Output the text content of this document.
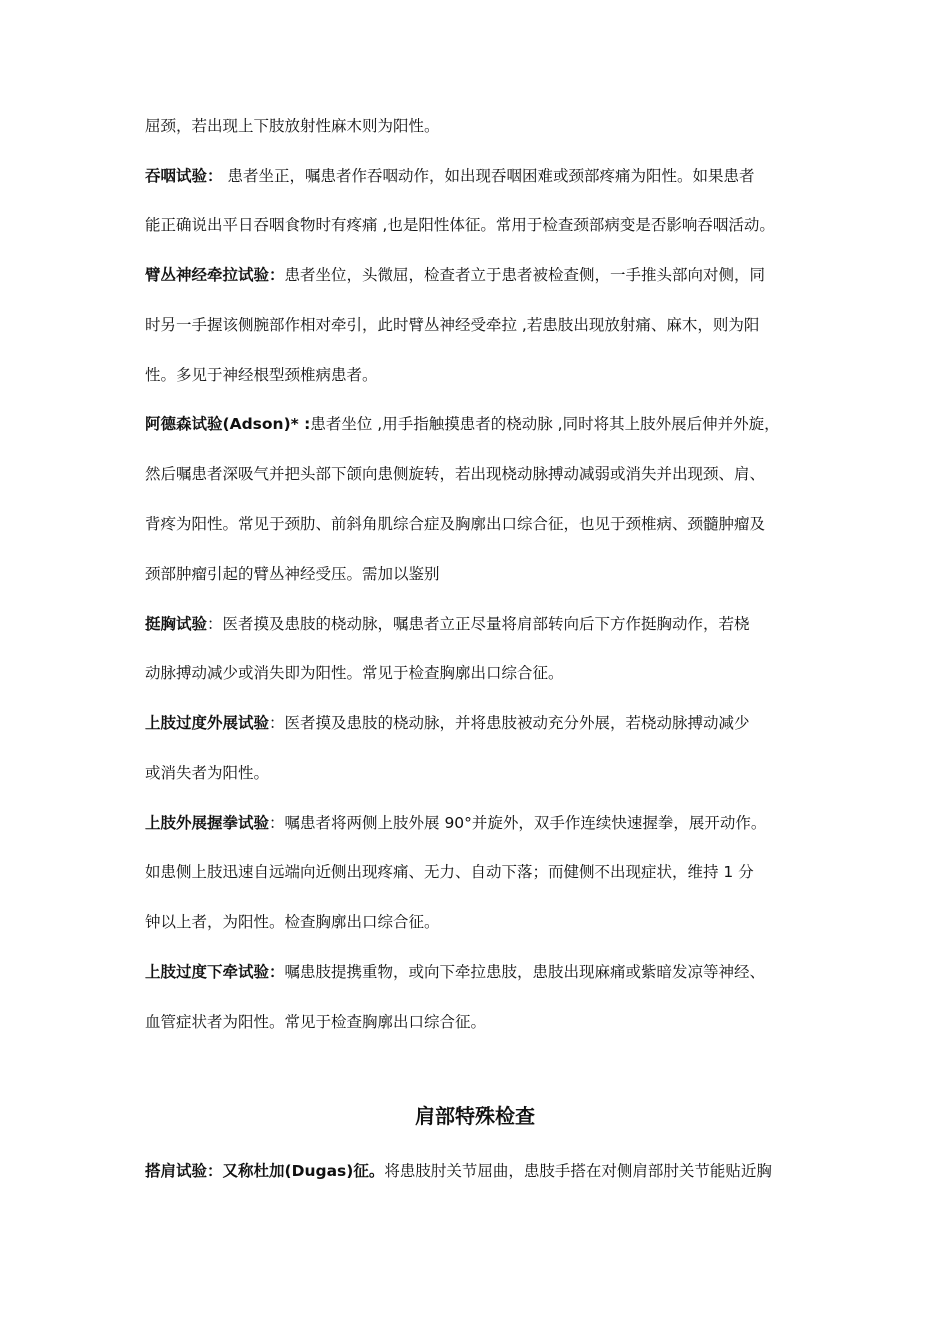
屈颈，若出现上下肢放射性麻木则为阳性。
吞咽试验： 患者坐正，嘱患者作吞咽动作，如出现吞咽困难或颈部疼痛为阳性。如果患者
能正确说出平日吞咽食物时有疼痛 ,也是阳性体征。常用于检查颈部病变是否影响吞咽活动。
臂丛神经牵拉试验：患者坐位，头微屈，检查者立于患者被检查侧，一手推头部向对侧，同
时另一手握该侧腕部作相对牵引，此时臂丛神经受牵拉 ,若患肢出现放射痛、麻木，则为阳
性。多见于神经根型颈椎病患者。
阿德森试验(Adson)* :患者坐位 ,用手指触摸患者的桡动脉 ,同时将其上肢外展后伸并外旋，
然后嘱患者深吸气并把头部下颌向患侧旋转，若出现桡动脉搏动减弱或消失并出现颈、肩、
背疼为阳性。常见于颈肋、前斜角肌综合症及胸廓出口综合征，也见于颈椎病、颈髓肿瘤及
颈部肿瘤引起的臂丛神经受压。需加以鉴别
挺胸试验：医者摸及患肢的桡动脉，嘱患者立正尽量将肩部转向后下方作挺胸动作，若桡
动脉搏动减少或消失即为阳性。常见于检查胸廓出口综合征。
上肢过度外展试验：医者摸及患肢的桡动脉，并将患肢被动充分外展，若桡动脉搏动减少
或消失者为阳性。
上肢外展握拳试验：嘱患者将两侧上肢外展 90°并旋外，双手作连续快速握拳，展开动作。
如患侧上肢迅速自远端向近侧出现疼痛、无力、自动下落；而健侧不出现症状，维持 1 分
钟以上者，为阳性。检查胸廓出口综合征。
上肢过度下牵试验：嘱患肢提携重物，或向下牵拉患肢，患肢出现麻痛或紫暗发凉等神经、
血管症状者为阳性。常见于检查胸廓出口综合征。
肩部特殊检查
搭肩试验：又称杜加(Dugas)征。将患肢肘关节屈曲，患肢手搭在对侧肩部肘关节能贴近胸
